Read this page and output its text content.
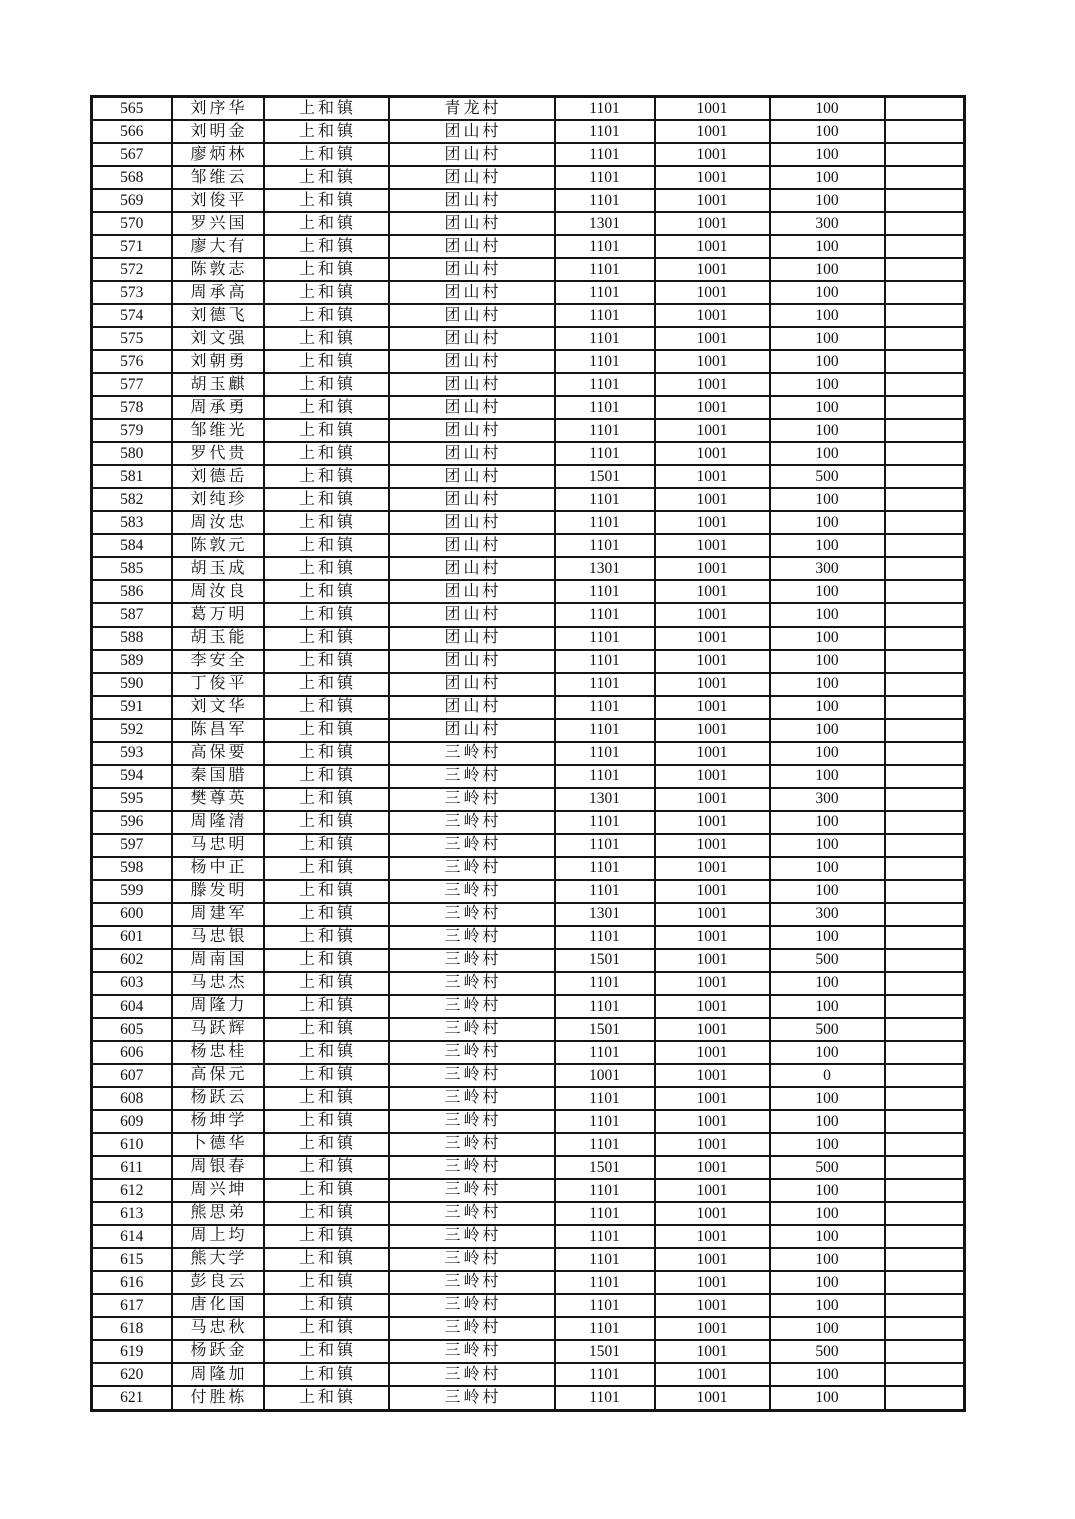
565	刘序华	上和镇	青龙村	1101	1001	100	
566	刘明金	上和镇	团山村	1101	1001	100	
567	廖炳林	上和镇	团山村	1101	1001	100	
568	邹维云	上和镇	团山村	1101	1001	100	
569	刘俊平	上和镇	团山村	1101	1001	100	
570	罗兴国	上和镇	团山村	1301	1001	300	
571	廖大有	上和镇	团山村	1101	1001	100	
572	陈敦志	上和镇	团山村	1101	1001	100	
573	周承高	上和镇	团山村	1101	1001	100	
574	刘德飞	上和镇	团山村	1101	1001	100	
575	刘文强	上和镇	团山村	1101	1001	100	
576	刘朝勇	上和镇	团山村	1101	1001	100	
577	胡玉麒	上和镇	团山村	1101	1001	100	
578	周承勇	上和镇	团山村	1101	1001	100	
579	邹维光	上和镇	团山村	1101	1001	100	
580	罗代贵	上和镇	团山村	1101	1001	100	
581	刘德岳	上和镇	团山村	1501	1001	500	
582	刘纯珍	上和镇	团山村	1101	1001	100	
583	周汝忠	上和镇	团山村	1101	1001	100	
584	陈敦元	上和镇	团山村	1101	1001	100	
585	胡玉成	上和镇	团山村	1301	1001	300	
586	周汝良	上和镇	团山村	1101	1001	100	
587	葛万明	上和镇	团山村	1101	1001	100	
588	胡玉能	上和镇	团山村	1101	1001	100	
589	李安全	上和镇	团山村	1101	1001	100	
590	丁俊平	上和镇	团山村	1101	1001	100	
591	刘文华	上和镇	团山村	1101	1001	100	
592	陈昌军	上和镇	团山村	1101	1001	100	
593	高保要	上和镇	三岭村	1101	1001	100	
594	秦国腊	上和镇	三岭村	1101	1001	100	
595	樊尊英	上和镇	三岭村	1301	1001	300	
596	周隆清	上和镇	三岭村	1101	1001	100	
597	马忠明	上和镇	三岭村	1101	1001	100	
598	杨中正	上和镇	三岭村	1101	1001	100	
599	滕发明	上和镇	三岭村	1101	1001	100	
600	周建军	上和镇	三岭村	1301	1001	300	
601	马忠银	上和镇	三岭村	1101	1001	100	
602	周南国	上和镇	三岭村	1501	1001	500	
603	马忠杰	上和镇	三岭村	1101	1001	100	
604	周隆力	上和镇	三岭村	1101	1001	100	
605	马跃辉	上和镇	三岭村	1501	1001	500	
606	杨忠桂	上和镇	三岭村	1101	1001	100	
607	高保元	上和镇	三岭村	1001	1001	0	
608	杨跃云	上和镇	三岭村	1101	1001	100	
609	杨坤学	上和镇	三岭村	1101	1001	100	
610	卜德华	上和镇	三岭村	1101	1001	100	
611	周银春	上和镇	三岭村	1501	1001	500	
612	周兴坤	上和镇	三岭村	1101	1001	100	
613	熊思弟	上和镇	三岭村	1101	1001	100	
614	周上均	上和镇	三岭村	1101	1001	100	
615	熊大学	上和镇	三岭村	1101	1001	100	
616	彭良云	上和镇	三岭村	1101	1001	100	
617	唐化国	上和镇	三岭村	1101	1001	100	
618	马忠秋	上和镇	三岭村	1101	1001	100	
619	杨跃金	上和镇	三岭村	1501	1001	500	
620	周隆加	上和镇	三岭村	1101	1001	100	
621	付胜栋	上和镇	三岭村	1101	1001	100	
